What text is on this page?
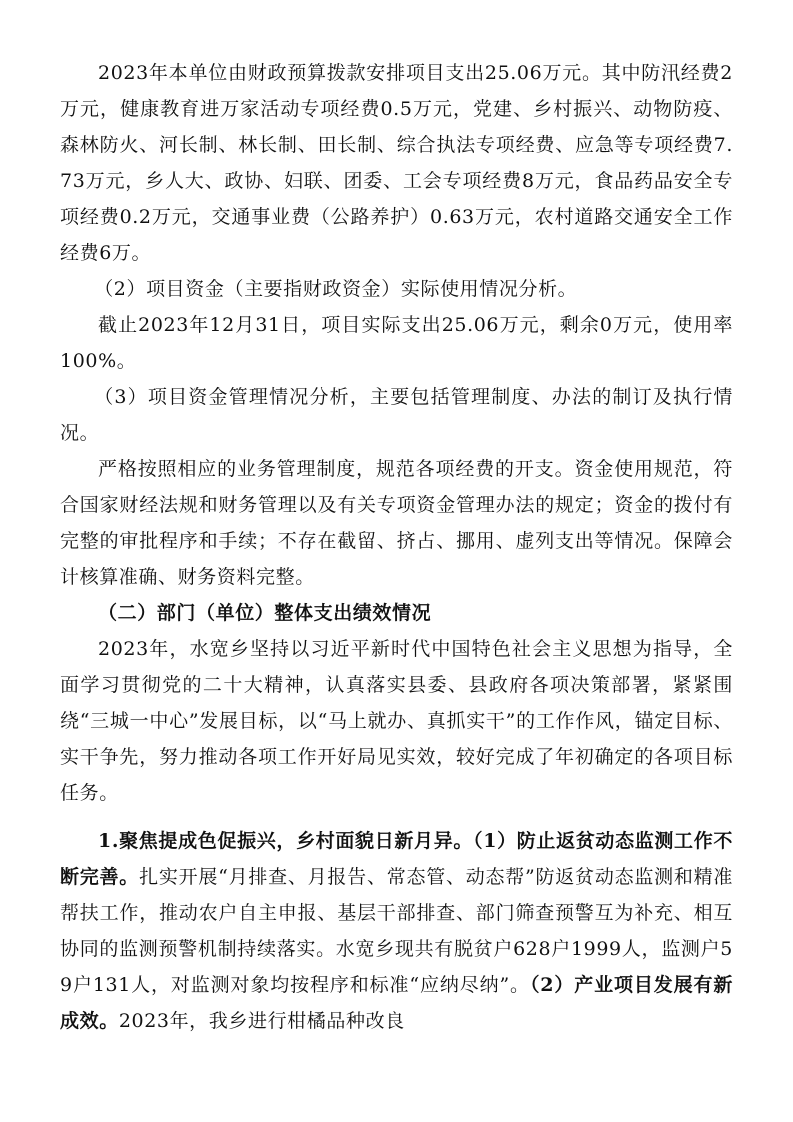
2023年本单位由财政预算拨款安排项目支出25.06万元。其中防汛经费2万元，健康教育进万家活动专项经费0.5万元，党建、乡村振兴、动物防疫、森林防火、河长制、林长制、田长制、综合执法专项经费、应急等专项经费7.73万元，乡人大、政协、妇联、团委、工会专项经费8万元，食品药品安全专项经费0.2万元，交通事业费（公路养护）0.63万元，农村道路交通安全工作经费6万。

（2）项目资金（主要指财政资金）实际使用情况分析。

截止2023年12月31日，项目实际支出25.06万元，剩余0万元，使用率100%。

（3）项目资金管理情况分析，主要包括管理制度、办法的制订及执行情况。

严格按照相应的业务管理制度，规范各项经费的开支。资金使用规范，符合国家财经法规和财务管理以及有关专项资金管理办法的规定；资金的拨付有完整的审批程序和手续；不存在截留、挤占、挪用、虚列支出等情况。保障会计核算准确、财务资料完整。

（二）部门（单位）整体支出绩效情况

2023年，水宽乡坚持以习近平新时代中国特色社会主义思想为指导，全面学习贯彻党的二十大精神，认真落实县委、县政府各项决策部署，紧紧围绕“三城一中心”发展目标，以“马上就办、真抓实干”的工作作风，锚定目标、实干争先，努力推动各项工作开好局见实效，较好完成了年初确定的各项目标任务。

1.聚焦提成色促振兴，乡村面貌日新月异。（1）防止返贫动态监测工作不断完善。扎实开展“月排查、月报告、常态管、动态帮”防返贫动态监测和精准帮扶工作，推动农户自主申报、基层干部排查、部门筛查预警互为补充、相互协同的监测预警机制持续落实。水宽乡现共有脱贫户628户1999人，监测户59户131人，对监测对象均按程序和标准“应纳尽纳”。（2）产业项目发展有新成效。2023年，我乡进行柑橘品种改良
